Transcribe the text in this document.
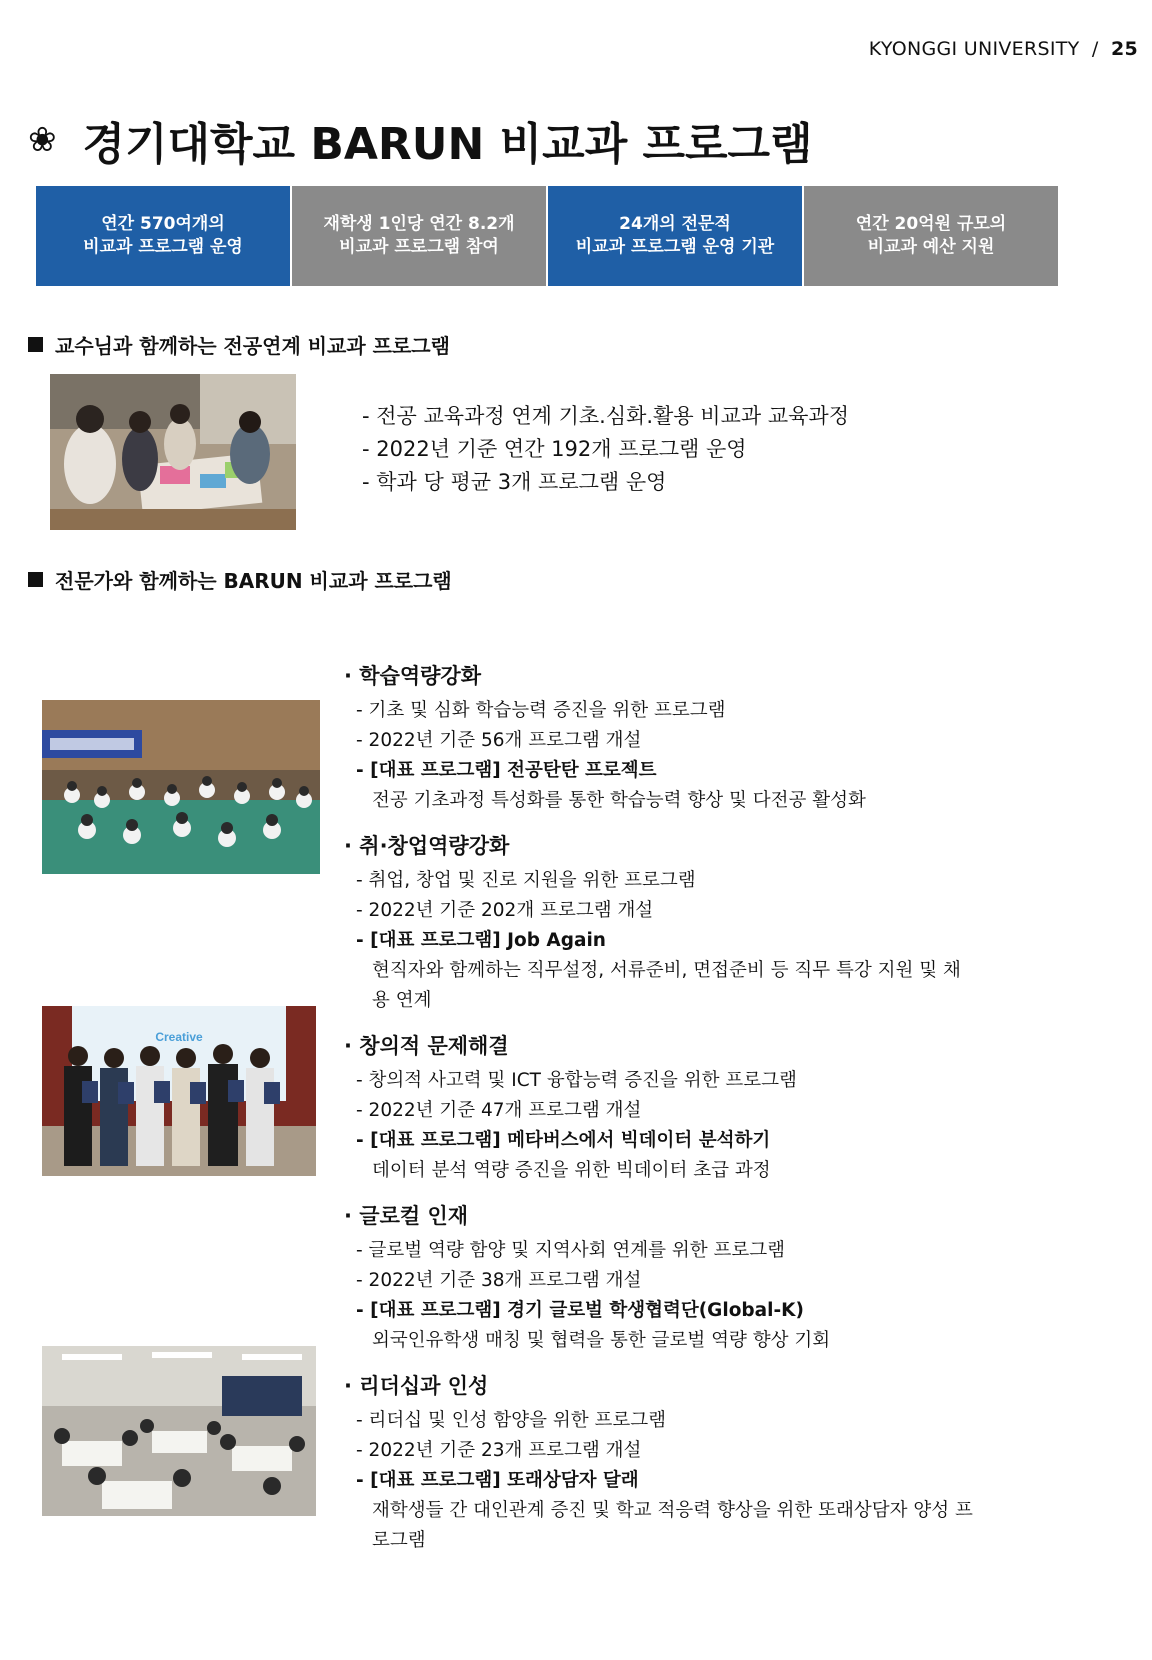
KYONGGI UNIVERSITY / 25
❀ 경기대학교 BARUN 비교과 프로그램
연간 570여개의
비교과 프로그램 운영
재학생 1인당 연간 8.2개
비교과 프로그램 참여
24개의 전문적
비교과 프로그램 운영 기관
연간 20억원 규모의
비교과 예산 지원
교수님과 함께하는 전공연계 비교과 프로그램
- 전공 교육과정 연계 기초.심화.활용 비교과 교육과정
- 2022년 기준 연간 192개 프로그램 운영
- 학과 당 평균 3개 프로그램 운영
전문가와 함께하는 BARUN 비교과 프로그램
Creative
· 학습역량강화
- 기초 및 심화 학습능력 증진을 위한 프로그램
- 2022년 기준 56개 프로그램 개설
- [대표 프로그램] 전공탄탄 프로젝트
전공 기초과정 특성화를 통한 학습능력 향상 및 다전공 활성화
· 취·창업역량강화
- 취업, 창업 및 진로 지원을 위한 프로그램
- 2022년 기준 202개 프로그램 개설
- [대표 프로그램] Job Again
현직자와 함께하는 직무설정, 서류준비, 면접준비 등 직무 특강 지원 및 채용 연계
· 창의적 문제해결
- 창의적 사고력 및 ICT 융합능력 증진을 위한 프로그램
- 2022년 기준 47개 프로그램 개설
- [대표 프로그램] 메타버스에서 빅데이터 분석하기
데이터 분석 역량 증진을 위한 빅데이터 초급 과정
· 글로컬 인재
- 글로벌 역량 함양 및 지역사회 연계를 위한 프로그램
- 2022년 기준 38개 프로그램 개설
- [대표 프로그램] 경기 글로벌 학생협력단(Global-K)
외국인유학생 매칭 및 협력을 통한 글로벌 역량 향상 기회
· 리더십과 인성
- 리더십 및 인성 함양을 위한 프로그램
- 2022년 기준 23개 프로그램 개설
- [대표 프로그램] 또래상담자 달래
재학생들 간 대인관계 증진 및 학교 적응력 향상을 위한 또래상담자 양성 프로그램
